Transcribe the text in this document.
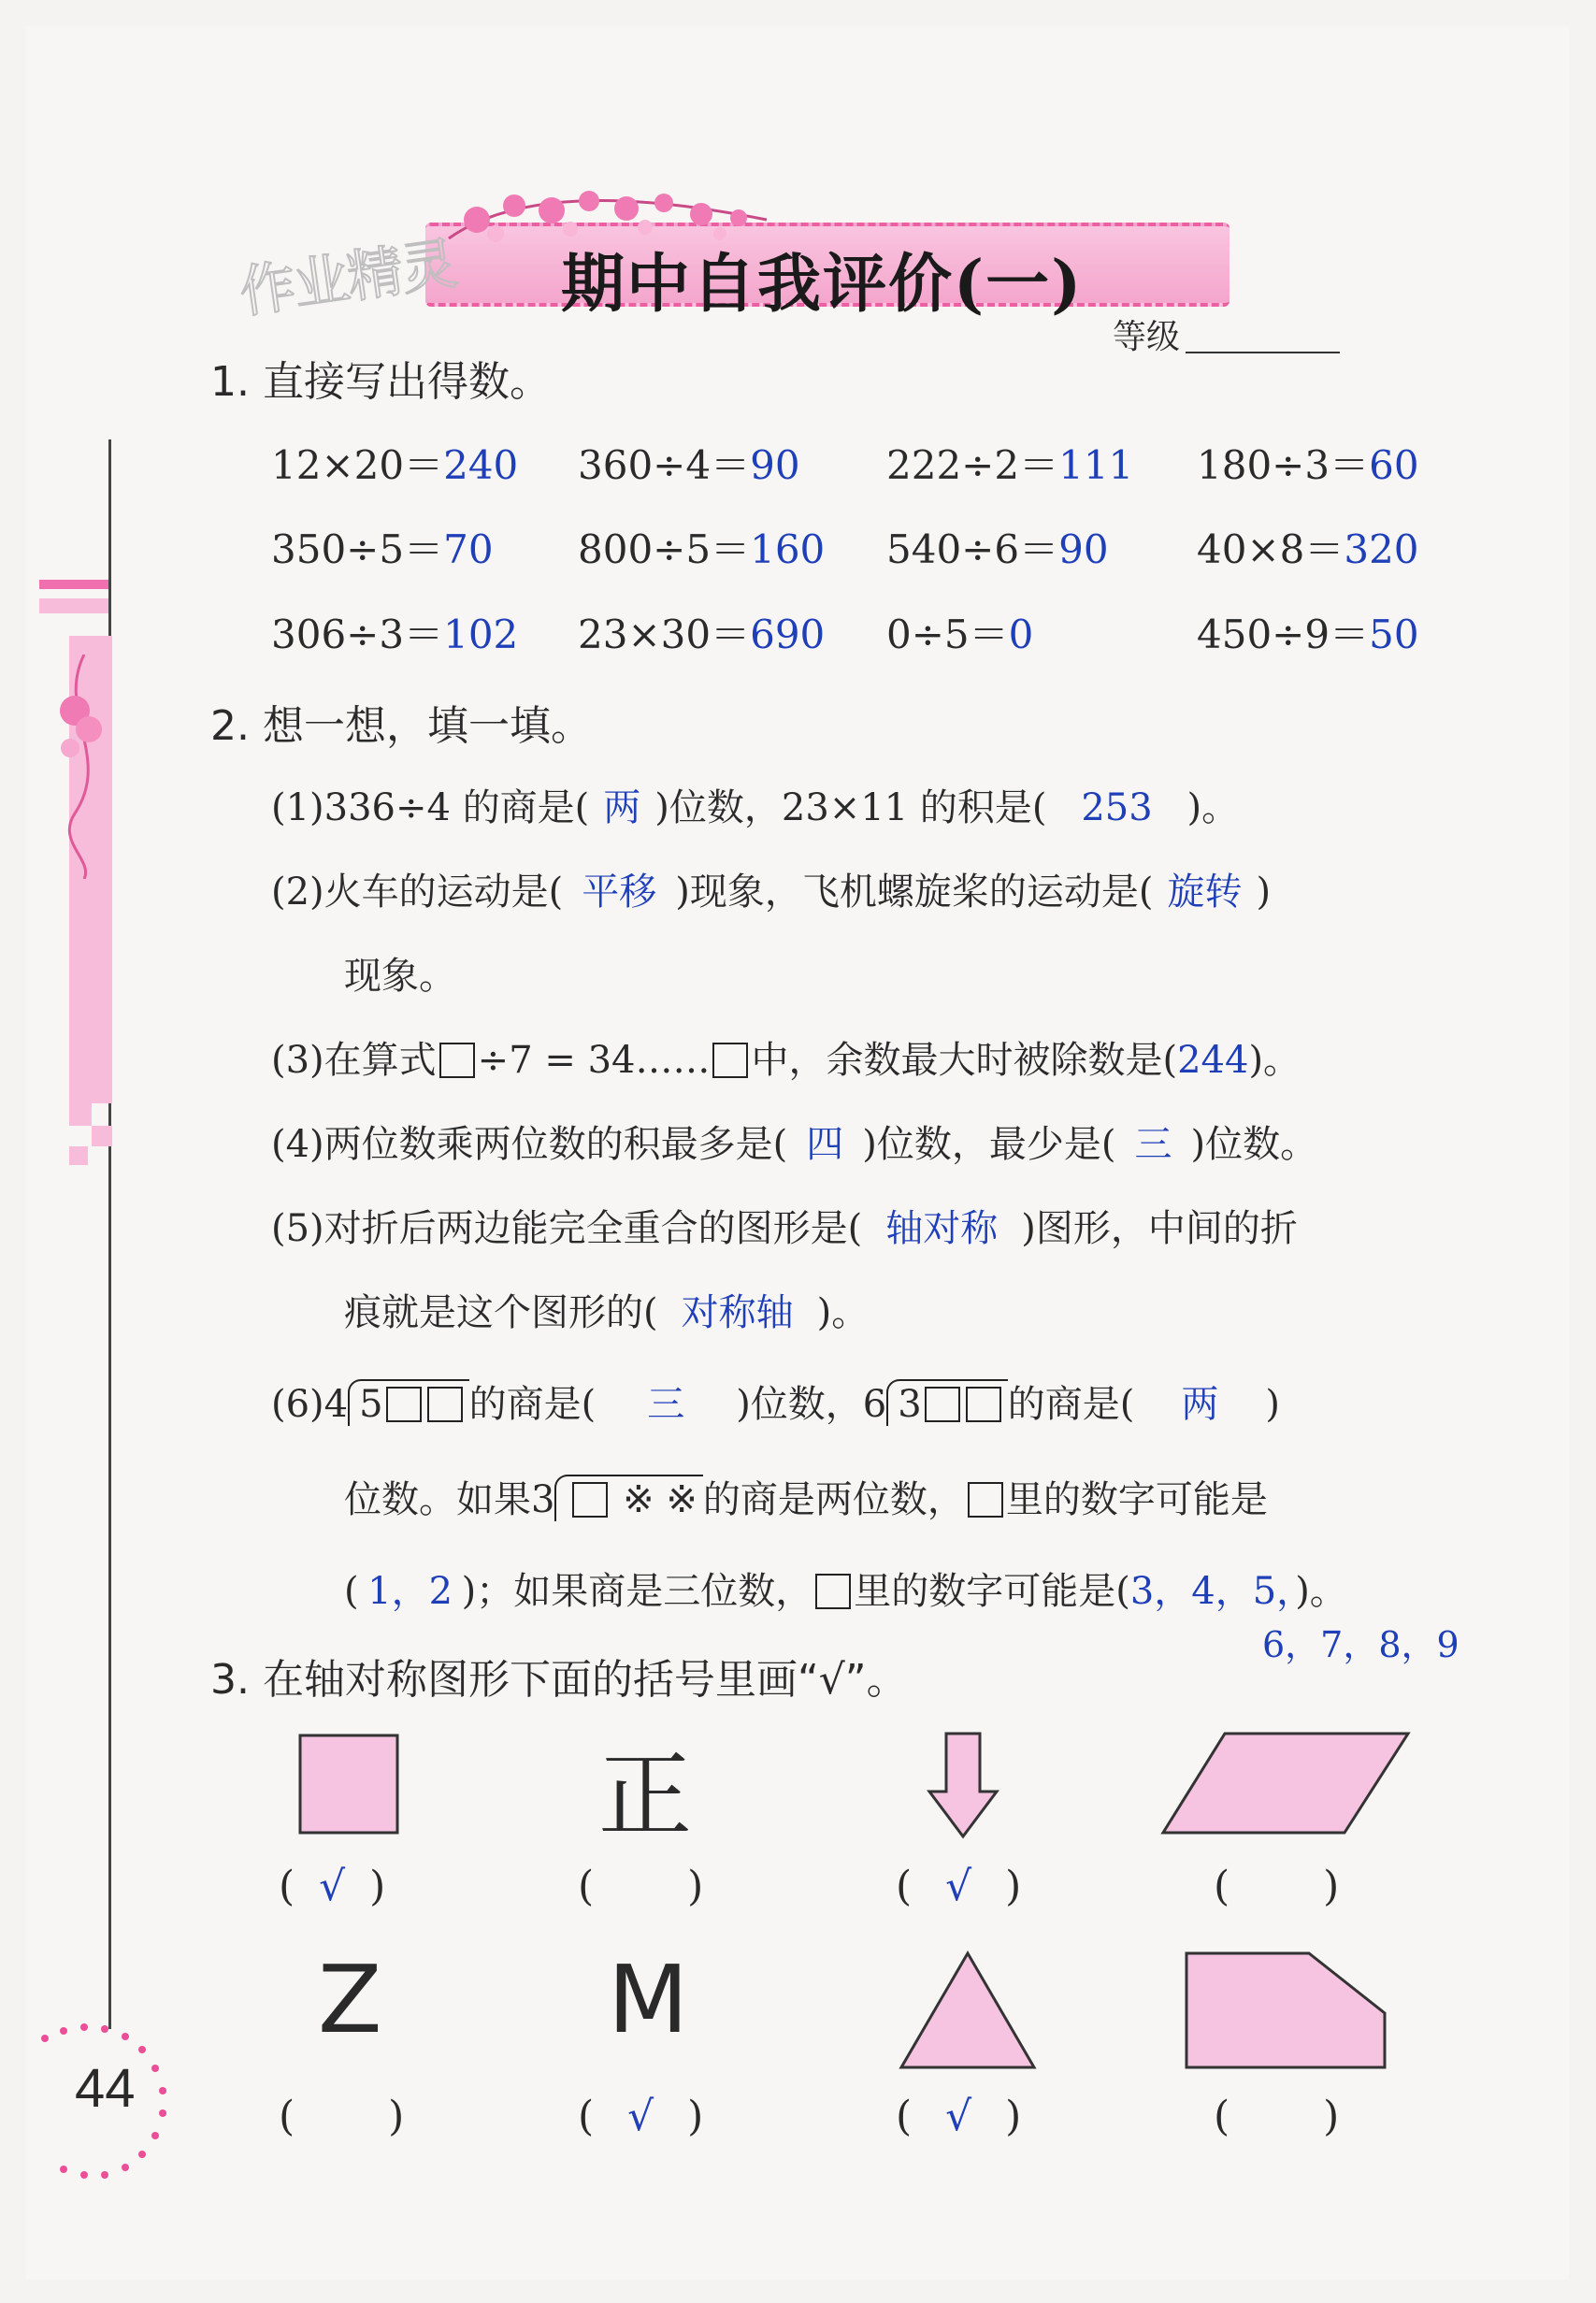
作业精灵 期中自我评价(一)
等级
1. 直接写出得数。
12×20＝240 360÷4＝90 222÷2＝111 180÷3＝60
350÷5＝70 800÷5＝160 540÷6＝90 40×8＝320
306÷3＝102 23×30＝690 0÷5＝0	450÷9＝50
2. 想一想，填一填。
(1)336÷4 的商是( 两 )位数，23×11 的积是( 253 )。
(2)火车的运动是( 平移 )现象，飞机螺旋桨的运动是( 旋转 )
现象。
(3)在算式 ÷7 = 34…… 中，余数最大时被除数是(244)。
(4)两位数乘两位数的积最多是( 四 )位数，最少是( 三 )位数。
(5)对折后两边能完全重合的图形是( 轴对称 )图形，中间的折
痕就是这个图形的( 对称轴 )。
(6)4 5 的商是( 三 )位数，6 3 的商是( 两 )
位数。如果3 ※ ※ 的商是两位数， 里的数字可能是
( 1，2 )；如果商是三位数， 里的数字可能是(3，4，5，)。
6，7，8，9
3. 在轴对称图形下面的括号里画“√”。
正
( √ )	( )	( √ )	( )
Z M
( )	( √ )	( √ )	( )
44
